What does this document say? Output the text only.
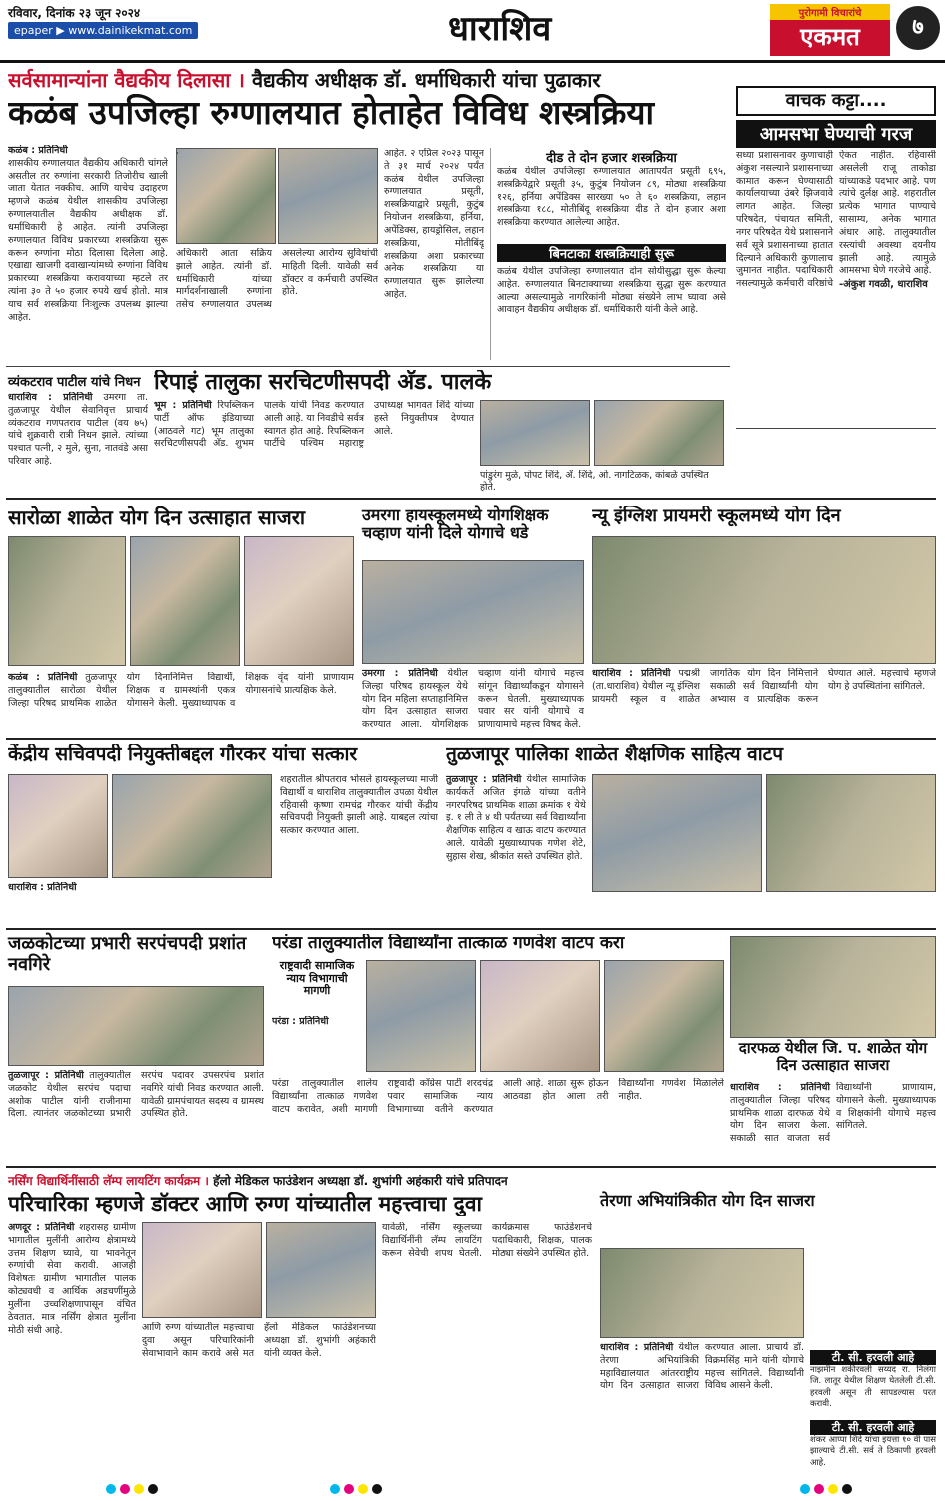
रविवार, दिनांक २३ जून २०२४
epaper ▶ www.dainikekmat.com	धाराशिव	पुरोगामी विचारांचे
एकमत	७
सर्वसामान्यांना वैद्यकीय दिलासा । वैद्यकीय अधीक्षक डॉ. धर्माधिकारी यांचा पुढाकार
कळंब उपजिल्हा रुग्णालयात होताहेत विविध शस्त्रक्रिया
कळंब : प्रतिनिधी
शासकीय रुग्णालयात वैद्यकीय अधिकारी चांगले असतील तर रुग्णांना सरकारी तिजोरीच खाली जाता येतात नक्कीच. आणि याचेच उदाहरण म्हणजे कळंब येथील शासकीय उपजिल्हा रुग्णालयातील वैद्यकीय अधीक्षक डॉ. धर्माधिकारी हे आहेत. त्यांनी उपजिल्हा रुग्णालयात विविध प्रकारच्या शस्त्रक्रिया सुरू करून रुग्णांना मोठा दिलासा दिलेला आहे. एखाद्या खाजगी दवाखान्यांमध्ये रुग्णांना विविध प्रकारच्या शस्त्रक्रिया करावयाच्या म्हटले तर त्यांना ३० ते ५० हजार रुपये खर्च होतो. मात्र याच सर्व शस्त्रक्रिया निःशुल्क उपलब्ध झाल्या आहेत.
अधिकारी आता सक्रिय झाले आहेत. त्यांनी डॉ. धर्माधिकारी यांच्या मार्गदर्शनाखाली रुग्णांना तसेच रुग्णालयात उपलब्ध असलेल्या आरोग्य सुविधांची माहिती दिली. यावेळी सर्व डॉक्टर व कर्मचारी उपस्थित होते.
आहेत. २ एप्रिल २०२३ पासून ते ३१ मार्च २०२४ पर्यंत कळंब येथील उपजिल्हा रुग्णालयात प्रसूती, शस्त्रक्रियाद्वारे प्रसूती, कुटुंब नियोजन शस्त्रक्रिया, हर्निया, अपेंडिक्स, हायड्रोसिल, लहान शस्त्रक्रिया, मोतीबिंदू शस्त्रक्रिया अशा प्रकारच्या अनेक शस्त्रक्रिया या रुग्णालयात सुरू झालेल्या आहेत.
दीड ते दोन हजार शस्त्रक्रिया
कळंब येथील उपजिल्हा रुग्णालयात आतापर्यंत प्रसूती ६९५, शस्त्रक्रियेद्वारे प्रसूती ३५, कुटुंब नियोजन ८९, मोठ्या शस्त्रक्रिया १२६, हर्निया अपेंडिक्स सारख्या ५० ते ६० शस्त्रक्रिया, लहान शस्त्रक्रिया १८८, मोतीबिंदू शस्त्रक्रिया दीड ते दोन हजार अशा शस्त्रक्रिया करण्यात आलेल्या आहेत.
बिनटाका शस्त्रक्रियाही सुरू
कळंब येथील उपजिल्हा रुग्णालयात दोन सोयीसुद्धा सुरू केल्या आहेत. रुग्णालयात बिनटाक्याच्या शस्त्रक्रिया सुद्धा सुरू करण्यात आल्या असल्यामुळे नागरिकांनी मोठ्या संख्येने लाभ घ्यावा असे आवाहन वैद्यकीय अधीक्षक डॉ. धर्माधिकारी यांनी केले आहे.
वाचक कट्टा....
आमसभा घेण्याची गरज
सध्या प्रशासनावर कुणाचाही अंकुश नसल्याने प्रशासनाच्या कामात करून घेण्यासाठी कार्यालयाच्या उंबरे झिजवावे लागत आहेत. जिल्हा परिषदेत, पंचायत समिती, नगर परिषदेत येथे प्रशासनाने सर्व सूत्रे प्रशासनाच्या हातात दिल्याने अधिकारी कुणालाच जुमानत नाहीत. पदाधिकारी नसल्यामुळे कर्मचारी वरिष्ठांचे ऐकत नाहीत. रहिवासी असलेली राजू ताकोडा यांच्याकडे पदभार आहे. पण त्यांचे दुर्लक्ष आहे. शहरातील प्रत्येक भागात पाण्याचे सासाम्य, अनेक भागात अंधार आहे. तालुक्यातील रस्त्यांची अवस्था दयनीय झाली आहे. त्यामुळे आमसभा घेणे गरजेचे आहे.
-अंकुश गवळी, धाराशिव
व्यंकटराव पाटील यांचे निधन
धाराशिव : प्रतिनिधी उमरगा ता. तुळजापूर येथील सेवानिवृत्त प्राचार्य व्यंकटराव गणपतराव पाटील (वय ७५) यांचे शुक्रवारी रात्री निधन झाले. त्यांच्या पश्चात पत्नी, २ मुले, सुना, नातवंडे असा परिवार आहे.
रिपाइं तालुका सरचिटणीसपदी अ‍ॅड. पालके
भूम : प्रतिनिधी रिपब्लिकन पार्टी ऑफ इंडियाच्या (आठवले गट) भूम तालुका सरचिटणीसपदी अ‍ॅड. शुभम पालके यांची निवड करण्यात आली आहे. या निवडीचे सर्वत्र स्वागत होत आहे. रिपब्लिकन पार्टीचे पश्चिम महाराष्ट्र उपाध्यक्ष भागवत शिंदे यांच्या हस्ते नियुक्तीपत्र देण्यात आले.
पांडुरंग मुळे, पोपट शिंदे, अ‍ॅ. शिंदे, ओ. नागटिळक, कांबळे उपस्थित होते.
सारोळा शाळेत योग दिन उत्साहात साजरा
कळंब : प्रतिनिधी तुळजापूर तालुक्यातील सारोळा येथील जिल्हा परिषद प्राथमिक शाळेत योग दिनानिमित्त विद्यार्थी, शिक्षक व ग्रामस्थांनी एकत्र योगासने केली. मुख्याध्यापक व शिक्षक वृंद यांनी प्राणायाम योगासनांचे प्रात्यक्षिक केले.
उमरगा हायस्कूलमध्ये योगशिक्षक चव्हाण यांनी दिले योगाचे धडे
उमरगा : प्रतिनिधी येथील जिल्हा परिषद हायस्कूल येथे योग दिन महिला सप्ताहानिमित्त योग दिन उत्साहात साजरा करण्यात आला. योगशिक्षक चव्हाण यांनी योगाचे महत्त्व सांगून विद्यार्थ्यांकडून योगासने करून घेतली. मुख्याध्यापक पवार सर यांनी योगाचे व प्राणायामाचे महत्त्व विषद केले.
न्यू इंग्लिश प्रायमरी स्कूलमध्ये योग दिन
धाराशिव : प्रतिनिधी पद्मश्री (ता.धाराशिव) येथील न्यू इंग्लिश प्रायमरी स्कूल व शाळेत जागतिक योग दिन निमित्ताने सकाळी सर्व विद्यार्थ्यांनी योग अभ्यास व प्रात्यक्षिक करून घेण्यात आले. महत्त्वाचे म्हणजे योग हे उपस्थितांना सांगितले.
केंद्रीय सचिवपदी नियुक्तीबद्दल गौरकर यांचा सत्कार
शहरातील श्रीपतराव भोसले हायस्कूलच्या माजी विद्यार्थी व धाराशिव तालुक्यातील उपळा येथील रहिवासी कृष्णा रामचंद्र गौरकर यांची केंद्रीय सचिवपदी नियुक्ती झाली आहे. याबद्दल त्यांचा सत्कार करण्यात आला.
धाराशिव : प्रतिनिधी
तुळजापूर पालिका शाळेत शैक्षणिक साहित्य वाटप
तुळजापूर : प्रतिनिधी येथील सामाजिक कार्यकर्ते अजित इंगळे यांच्या वतीने नगरपरिषद प्राथमिक शाळा क्रमांक १ येथे इ. १ ली ते ४ थी पर्यंतच्या सर्व विद्यार्थ्यांना शैक्षणिक साहित्य व खाऊ वाटप करण्यात आले. यावेळी मुख्याध्यापक गणेश शेटे, सुहास शेख, श्रीकांत सस्ते उपस्थित होते.
जळकोटच्या प्रभारी सरपंचपदी प्रशांत नवगिरे
तुळजापूर : प्रतिनिधी तालुक्यातील जळकोट येथील सरपंच पदाचा अशोक पाटील यांनी राजीनामा दिला. त्यानंतर जळकोटच्या प्रभारी सरपंच पदावर उपसरपंच प्रशांत नवगिरे यांची निवड करण्यात आली. यावेळी ग्रामपंचायत सदस्य व ग्रामस्थ उपस्थित होते.
परंडा तालुक्यातील विद्यार्थ्यांना तात्काळ गणवेश वाटप करा
राष्ट्रवादी सामाजिक न्याय विभागाची मागणी
परंडा : प्रतिनिधी
परंडा तालुक्यातील शालेय विद्यार्थ्यांना तात्काळ गणवेश वाटप करावेत, अशी मागणी राष्ट्रवादी काँग्रेस पार्टी शरदचंद्र पवार सामाजिक न्याय विभागाच्या वतीने करण्यात आली आहे. शाळा सुरू होऊन आठवडा होत आला तरी विद्यार्थ्यांना गणवेश मिळालेले नाहीत.
दारफळ येथील जि. प. शाळेत योग दिन उत्साहात साजरा
धाराशिव : प्रतिनिधी तालुक्यातील जिल्हा परिषद प्राथमिक शाळा दारफळ येथे योग दिन साजरा केला. सकाळी सात वाजता सर्व विद्यार्थ्यांनी प्राणायाम, योगासने केली. मुख्याध्यापक व शिक्षकांनी योगाचे महत्त्व सांगितले.
नर्सिंग विद्यार्थिनींसाठी लॅम्प लायटिंग कार्यक्रम । हॅलो मेडिकल फाउंडेशन अध्यक्षा डॉ. शुभांगी अहंकारी यांचे प्रतिपादन
परिचारिका म्हणजे डॉक्टर आणि रुग्ण यांच्यातील महत्त्वाचा दुवा
अणदूर : प्रतिनिधी शहरासह ग्रामीण भागातील मुलींनी आरोग्य क्षेत्रामध्ये उत्तम शिक्षण घ्यावे, या भावनेतून रुग्णांची सेवा करावी. आजही विशेषतः ग्रामीण भागातील पालक कोट्यवधी व आर्थिक अडचणींमुळे मुलींना उच्चशिक्षणापासून वंचित ठेवतात. मात्र नर्सिंग क्षेत्रात मुलींना मोठी संधी आहे.	आणि रुग्ण यांच्यातील महत्त्वाचा दुवा असून परिचारिकांनी सेवाभावाने काम करावे असे मत हॅलो मेडिकल फाउंडेशनच्या अध्यक्षा डॉ. शुभांगी अहंकारी यांनी व्यक्त केले.
यावेळी, नर्सिंग स्कूलच्या विद्यार्थिनींनी लॅम्प लायटिंग करून सेवेची शपथ घेतली. कार्यक्रमास फाउंडेशनचे पदाधिकारी, शिक्षक, पालक मोठ्या संख्येने उपस्थित होते.
तेरणा अभियांत्रिकीत योग दिन साजरा
धाराशिव : प्रतिनिधी येथील तेरणा अभियांत्रिकी महाविद्यालयात आंतरराष्ट्रीय योग दिन उत्साहात साजरा करण्यात आला. प्राचार्य डॉ. विक्रमसिंह माने यांनी योगाचे महत्त्व सांगितले. विद्यार्थ्यांनी विविध आसने केली.
टी. सी. हरवली आहे
नाझमीन शकीरवली सय्यद रा. निलंगा जि. लातूर येथील शिक्षण घेतलेली टी.सी. हरवली असून ती सापडल्यास परत करावी.
टी. सी. हरवली आहे
शंकर आप्पा शिंदे यांचा इयत्ता १० वी पास झाल्याचे टी.सी. सर्व ते ठिकाणी हरवली आहे.
